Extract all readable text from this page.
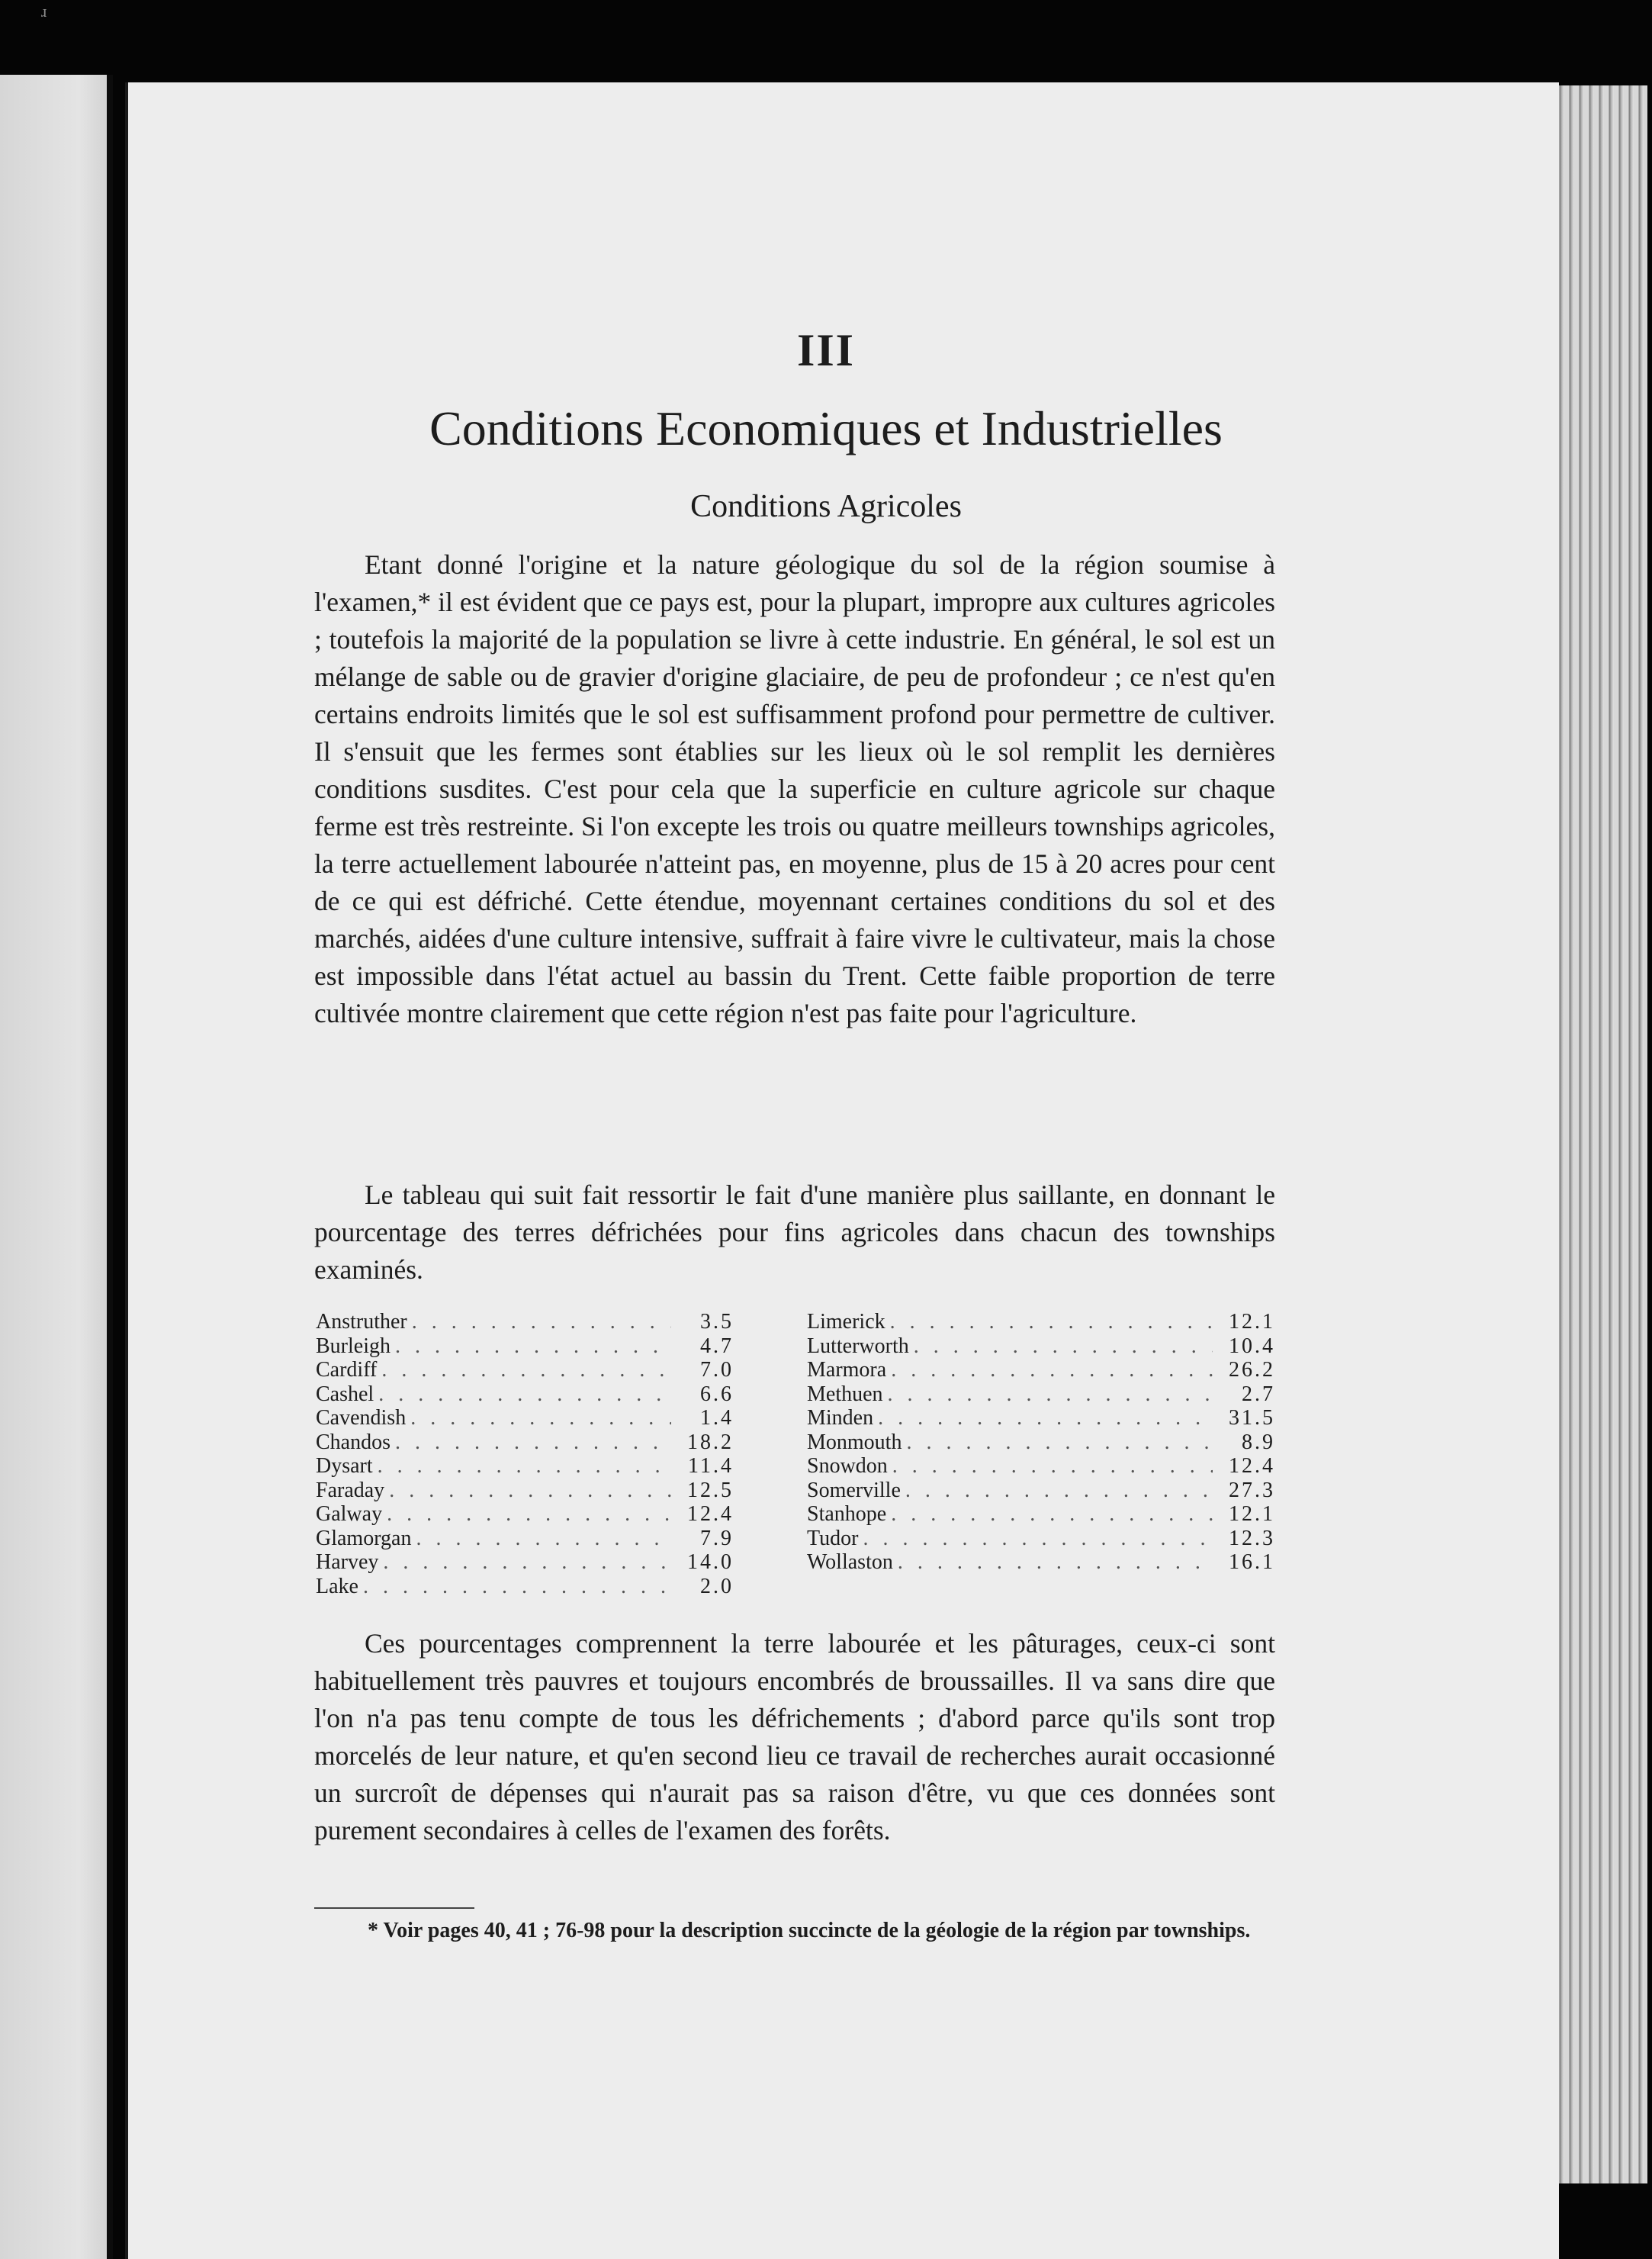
ɹ
III
Conditions Economiques et Industrielles
Conditions Agricoles

Etant donné l'origine et la nature géologique du sol de la région soumise à l'examen,* il est évident que ce pays est, pour la plupart, impropre aux cultures agricoles ; toutefois la majorité de la population se livre à cette industrie. En général, le sol est un mélange de sable ou de gravier d'origine glaciaire, de peu de profondeur ; ce n'est qu'en certains endroits limités que le sol est suffisamment profond pour permettre de cultiver. Il s'ensuit que les fermes sont établies sur les lieux où le sol remplit les dernières conditions susdites. C'est pour cela que la superficie en culture agricole sur chaque ferme est très restreinte. Si l'on excepte les trois ou quatre meilleurs townships agricoles, la terre actuellement labourée n'atteint pas, en moyenne, plus de 15 à 20 acres pour cent de ce qui est défriché. Cette étendue, moyennant certaines conditions du sol et des marchés, aidées d'une culture intensive, suffrait à faire vivre le cultivateur, mais la chose est impossible dans l'état actuel au bassin du Trent. Cette faible proportion de terre cultivée montre clairement que cette région n'est pas faite pour l'agriculture.

Le tableau qui suit fait ressortir le fait d'une manière plus saillante, en donnant le pourcentage des terres défrichées pour fins agricoles dans chacun des townships examinés.

Anstruther . . .	3.5
Burleigh . . .	4.7
Cardiff . . .	7.0
Cashel . . .	6.6
Cavendish . . .	1.4
Chandos . . .	18.2
Dysart . . .	11.4
Faraday . . .	12.5
Galway . . .	12.4
Glamorgan . . .	7.9
Harvey . . .	14.0
Lake . . .	2.0
Limerick . . .	12.1
Lutterworth . . .	10.4
Marmora . . .	26.2
Methuen . . .	2.7
Minden . . .	31.5
Monmouth . . .	8.9
Snowdon . . .	12.4
Somerville . . .	27.3
Stanhope . . .	12.1
Tudor . . .	12.3
Wollaston . . .	16.1

Ces pourcentages comprennent la terre labourée et les pâturages, ceux-ci sont habituellement très pauvres et toujours encombrés de broussailles. Il va sans dire que l'on n'a pas tenu compte de tous les défrichements ; d'abord parce qu'ils sont trop morcelés de leur nature, et qu'en second lieu ce travail de recherches aurait occasionné un surcroît de dépenses qui n'aurait pas sa raison d'être, vu que ces données sont purement secondaires à celles de l'examen des forêts.

* Voir pages 40, 41 ; 76-98 pour la description succincte de la géologie de la région par townships.
